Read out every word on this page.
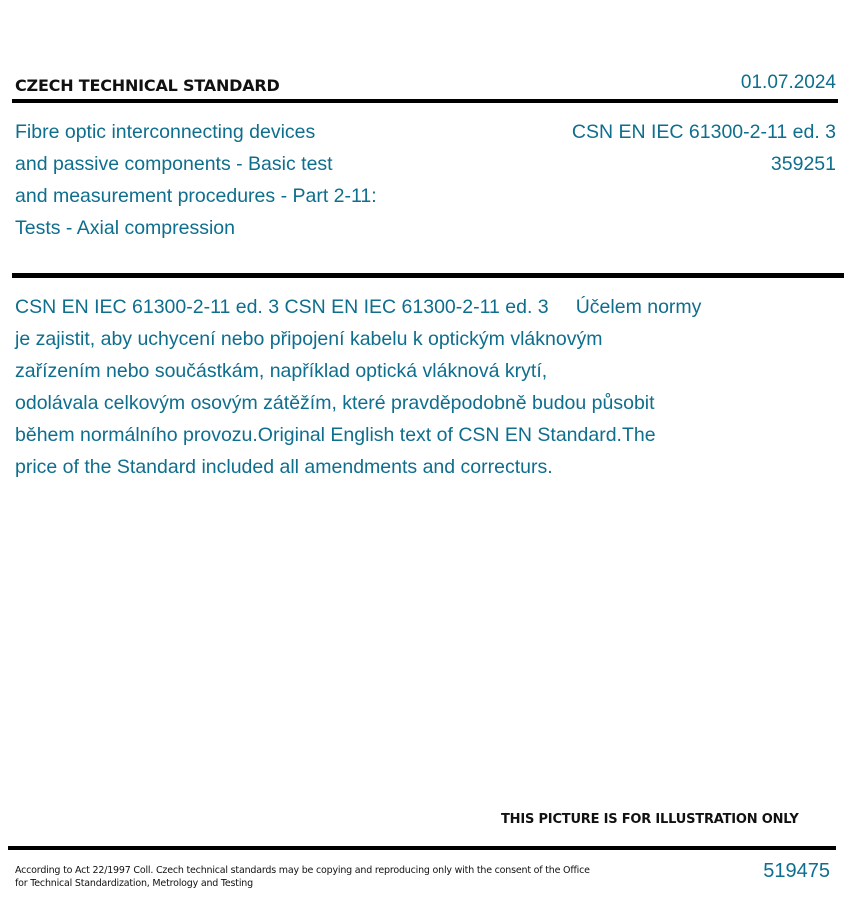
CZECH TECHNICAL STANDARD	01.07.2024
Fibre optic interconnecting devices
and passive components - Basic test
and measurement procedures - Part 2-11:
Tests - Axial compression
CSN EN IEC 61300-2-11 ed. 3
359251
CSN EN IEC 61300-2-11 ed. 3 CSN EN IEC 61300-2-11 ed. 3     Účelem normy
je zajistit, aby uchycení nebo připojení kabelu k optickým vláknovým
zařízením nebo součástkám, například optická vláknová krytí,
odolávala celkovým osovým zátěžím, které pravděpodobně budou působit
během normálního provozu.Original English text of CSN EN Standard.The
price of the Standard included all amendments and correcturs.
THIS PICTURE IS FOR ILLUSTRATION ONLY
According to Act 22/1997 Coll. Czech technical standards may be copying and reproducing only with the consent of the Office
for Technical Standardization, Metrology and Testing
519475
